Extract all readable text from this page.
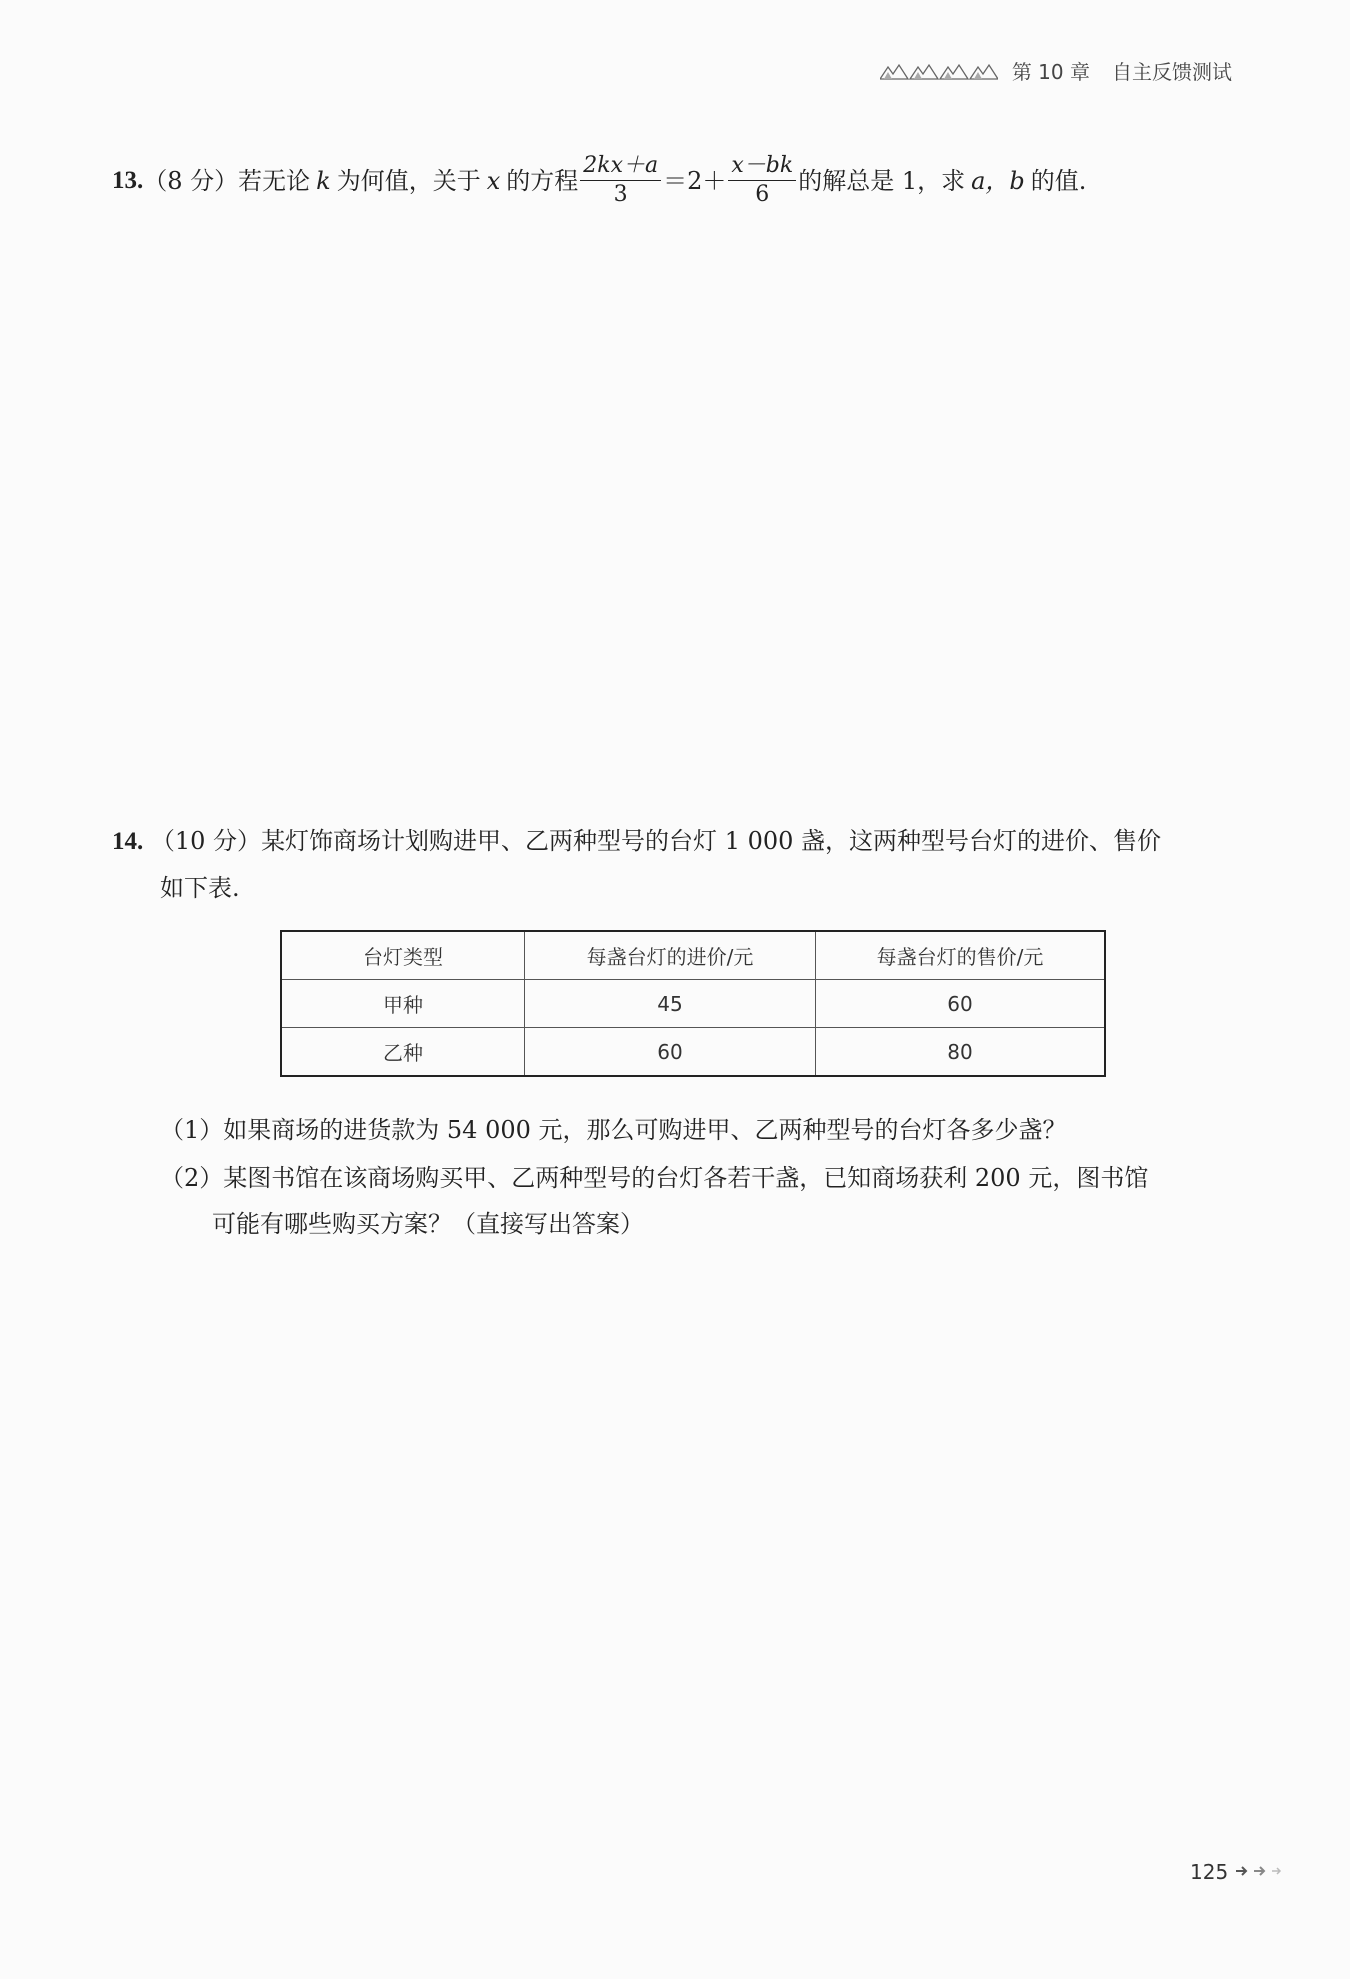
第 10 章 自主反馈测试
13. （8 分） 若无论 k 为何值，关于 x 的方程 $\frac{2kx+a}{3} =2+ \frac{x-bk}{6}$ 的解总是 1，求 a，b 的值.
14. （10 分）某灯饰商场计划购进甲、乙两种型号的台灯 1 000 盏，这两种型号台灯的进价、售价
如下表.
台灯类型	每盏台灯的进价/元	每盏台灯的售价/元
甲种	45	60
乙种	60	80
（1）如果商场的进货款为 54 000 元，那么可购进甲、乙两种型号的台灯各多少盏？
（2）某图书馆在该商场购买甲、乙两种型号的台灯各若干盏，已知商场获利 200 元，图书馆
可能有哪些购买方案？（直接写出答案）
125
